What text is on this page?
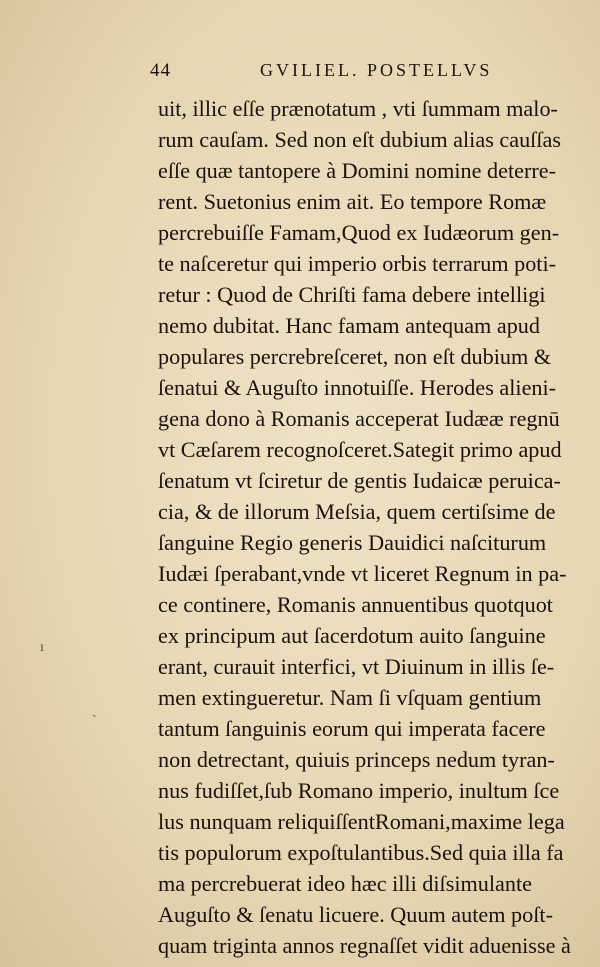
44	GVILIEL. POSTELLVS
uit, illic eſſe prænotatum , vti ſummam malo-
rum cauſam. Sed non eſt dubium alias cauſſas
eſſe quæ tantopere à Domini nomine deterre-
rent. Suetonius enim ait. Eo tempore Romæ
percrebuiſſe Famam,Quod ex Iudæorum gen-
te naſceretur qui imperio orbis terrarum poti-
retur : Quod de Chriſti fama debere intelligi
nemo dubitat. Hanc famam antequam apud
populares percrebreſceret, non eſt dubium &
ſenatui & Auguſto innotuiſſe. Herodes alieni-
gena dono à Romanis acceperat Iudææ regnū
vt Cæſarem recognoſceret.Sategit primo apud
ſenatum vt ſciretur de gentis Iudaicæ peruica-
cia, & de illorum Meſsia, quem certiſsime de
ſanguine Regio generis Dauidici naſciturum
Iudæi ſperabant,vnde vt liceret Regnum in pa-
ce continere, Romanis annuentibus quotquot
ex principum aut ſacerdotum auito ſanguine
erant, curauit interfici, vt Diuinum in illis ſe-
men extingueretur. Nam ſi vſquam gentium
tantum ſanguinis eorum qui imperata facere
non detrectant, quiuis princeps nedum tyran-
nus fudiſſet,ſub Romano imperio, inultum ſce
lus nunquam reliquiſſentRomani,maxime lega
tis populorum expoſtulantibus.Sed quia illa fa
ma percrebuerat ideo hæc illi diſsimulante
Auguſto & ſenatu licuere. Quum autem poſt-
quam triginta annos regnaſſet vidit aduenisse à
ı
ˎ
